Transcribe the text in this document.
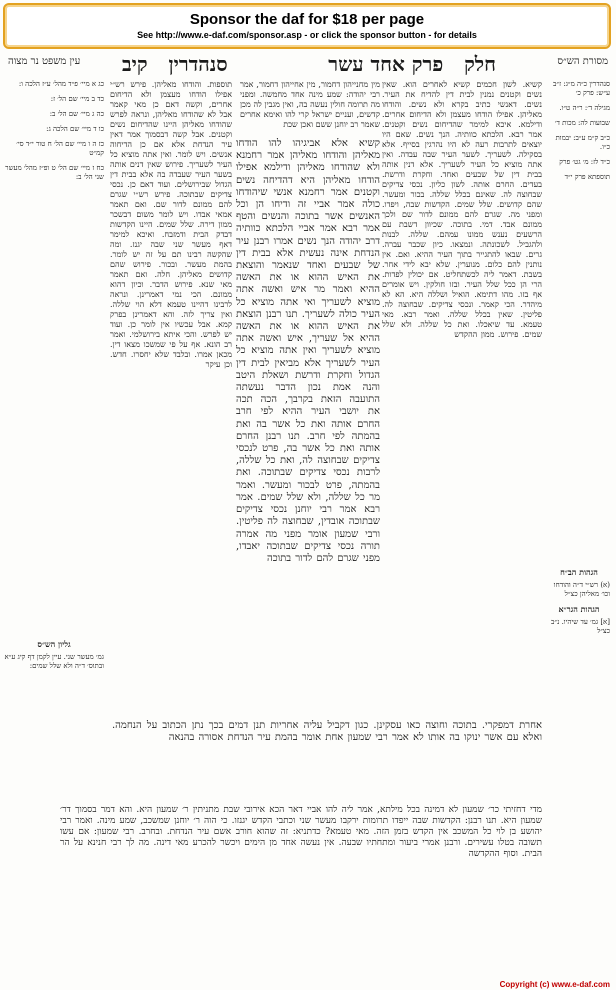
Sponsor the daf for $18 per page
See http://www.e-daf.com/sponsor.asp - or click the sponsor button - for details
מסורת הש״ס
חלק   פרק אחד עשר
סנהדרין   קיב
עין משפט נר מצוה
סנהדרין כ״ה מ״ג: ז״ב ע״ש: פרק כ׳
מגילה ד׳: ר״ה ט״ו.
שבועות לה: מכות ד׳
כ״ב ק״מ ע״ב: יבמות כ״ו.
כ״ד לז: מ׳ גט׳ פרק
תוספתא פרק י״ד
הגהות הב״ח
(א) רש״י ד״ה והודחו וכו׳ מאליהן כצ״ל
הגהות הגר״א
[א] גמ׳ עד שיהיו. נ״ב כצ״ל
קשיא. לשון חכמים קשיא לאחרים הוא. שאין נשים וקטנים נמנין לבית דין להדיח את העיר. נשים. דאנשי כתיב בקרא ולא נשים. והודחו מאליהן. אפילו הודחו מעצמן ולא הדיחום אחרים. ודילמא. איכא למימר שהדיחום נשים וקטנים. אמר רבא. הלכתא כוותיה. הנך נשים. שאם היו יוצאים לתרבות רעה לא היו נהרגין בסייף. אלא בסקילה. לשעריך. לשער העיר שבה עבדה. ואין אתה מוציא כל העיר לשעריך. אלא דנין אותה בבית דין של שבעים ואחד. וחקרת ודרשת. בעדים. החרם אותה. לשון כליון. נכסי צדיקים שבחוצה לה. שאינם בכלל שללה. בכור ומעשר. שהם קדושים. שלל שמים. הקדשות שבה, ויפדו. ומפני מה. שגרם להם ממונם לדור שם ולכך ממונם אבד. דמי. בתוכה. שכיוון דשבת עם הרשעים נענש ממונו עמהם. שללה. לבנות ולהגביל. לשכונתה. ונמצאו. כיון שכבר עברה. גרים. שבאו להתגייר בתוך העיר ההיא. ואם. אין נותנין להם כלום. מנוערין. שלא יבא לידי אחר. בשבת. דאמר ליה לכשתחליט. אם יכולין לפדות. הרי הן ככל שלל העיר. ובזו חולקין. ויש אומרים אף בזו. מהו דתימא. הואיל ושללה היא. הא לא מיהדר. הכי קאמר. ונכסי צדיקים. שבחוצה לה. פליטין. שאין בכלל שללה. ואמר רבא. מאי טעמא. עד שיאכלו. ואת כל שללה. ולא שלל שמים. פירוש. ממון ההקדש
מין מחנייהון דחמור, מין אחייהון דחמור, אמר רבי יהודה: שמע מינה אחד מחמשה. ומפני מה תרומה חולין נעשה בה, ואין מגבין לה מכן קדשים, ועניים ישראל קרי להו ואימא אחרים שאמר רב יוחנן ששם ואכן שכת
קשיא אלא אביגיהו להו הודחו מאליהן והודחו מאליהן אמר רחמנא ולא שהודחו מאליהן ודילמא אפילו הודחו מאליהן היא דהדיחה נשים וקטנים אמר רחמנא אנשי שיהודחו כולה אמר אביי זה ודיחו הן וכל האנשים אשר בתוכה והנשים והטף אמר רבא אמר אביי הלכתא כוותיה דרב יהודה הנך נשים אמרו רבנן עיר הנדחת אינה נעשית אלא בבית דין של שבעים ואחד שנאמר והוצאת את האיש ההוא או את האשה ההיא ואמר מר איש ואשה אתה מוציא לשעריך ואי אתה מוציא כל העיר כולה לשעריך. תנו רבנן הוצאת את האיש ההוא או את האשה ההיא אל שעריך, איש ואשה אתה מוציא לשעריך ואין אתה מוציא כל העיר לשעריך אלא מביאין לבית דין הגדול וחקרת ודרשת ושאלת היטב והנה אמת נכון הדבר נעשתה התועבה הזאת בקרבך, הכה תכה את יושבי העיר ההיא לפי חרב החרם אותה ואת כל אשר בה ואת בהמתה לפי חרב. תנו רבנן החרם אותה ואת כל אשר בה, פרט לנכסי צדיקים שבחוצה לה, ואת כל שללה, לרבות נכסי צדיקים שבתוכה. ואת בהמתה, פרט לבכור ומעשר. ואמר מר כל שללה, ולא שלל שמים. אמר רבא אמר רבי יוחנן נכסי צדיקים שבתוכה אובדין, שבחוצה לה פליטין. ורבי שמעון אומר מפני מה אמרה תורה נכסי צדיקים שבתוכה יאבדו, מפני שגרם להם לדור בתוכה
תוספות. והודחו מאליהן. פירש רש״י אפילו הודחו מעצמן ולא הדיחום אחרים, וקשה דאם כן מאי קאמר אבל לא שהודחו מאליהן, ונראה לפרש שהודחו מאליהן היינו שהדיחום נשים וקטנים. אבל קשה דבסמוך אמר דאין עיר הנדחת אלא אם כן הדיחוה אנשים. ויש לומר. ואין אתה מוציא כל העיר לשעריך. פירוש שאין דנים אותה בשער העיר שעבדה בה אלא בבית דין הגדול שבירושלים. ועוד דאם כן. נכסי צדיקים שבתוכה. פירש רש״י שגרם להם ממונם לדור שם. ואם תאמר אמאי אבדו. ויש לומר משום דבשכר ממון דירה. שלל שמים. היינו הקדשות דבדק הבית ודמזבח. ואיכא למימר דאף מעשר שני שבה יגנז. ומה שהקשה רבינו תם על זה יש לומר. בהמת מעשר. ובכור. פירוש שהם קדושים מאליהן. חלה. ואם תאמר מאי שנא. פירוש הדבר. וכיון דהוא ממונם. הכי נמי דאמרינן. ונראה לרבינו דהיינו טעמא דלא הוי שללה. ואין צריך לזה. והא דאמרינן בפרק קמא. אבל עכשיו אין לומר כן. ועוד יש לפרש. והכי איתא בירושלמי. ואמר רב הונא. אף על פי שמשכו מצאו דין. מכאן אמרו. ובלבד שלא יחסרו. חדש. וכן עיקר
כג א מיי׳ פ״ד מהל׳ ע״ז הלכה ו:
כד ב מיי׳ שם הל׳ ז:
כה ג מיי׳ שם הל׳ ב:
כו ד מיי׳ שם הלכה ג:
כז ה ו מיי׳ שם הל׳ ח טור י״ד סי׳ קמ״ט
כח ז מיי׳ שם הל׳ ט ופ״ז מהל׳ מעשר שני הל׳ ב:
גליון הש״ס
גמ׳ מעשר שני. עיין לקמן דף קיג ע״א ובתוס׳ ד״ה ולא שלל שמים:
אחרת דמפקרי. בתוכה וחוצה כאו עסקינן. כגון דקביל עליה אחריות תנן דמים בכך נתן הכתוב על הנחמה. ואלא עם אשר ינוקו בה אותו לא אמר רבי שמעון אחת אומר בהמת עיר הנדחת אסורה בהנאה
מדי דחזיתי כר׳ שמעון לא דמינה בכל מילתא, אמר ליה להו אביי דאר הכא אירובי שבת מתניתין ר׳ שמעון היא. והא דמר בסמוך דר׳ שמעון היא. תנו רבנן: הקדשות שבה ייפדו תרומות ירקבו מעשר שני וכתבי הקדש יגנזו. כי הוה ר׳ יוחנן שמשכב, שמע מינה. ואמר רבי יהושע בן לוי כל המשכב אין הקדש בזמן הזה. מאי טעמא? כדתניא: זה שהוא חורב אשם עיר הנדחת. ובחרב. רבי שמעון: אם עשו תשובה בטלו עשירים. ורבנן אמרי ביעור ומתחתיו שבעה. אין נעשה אחד מן הימים ויכשר להכרע מאי דינה. מה לך רבי חנינא על הר הבית. וסוף ההקדשה
Copyright (c) www.e-daf.com
